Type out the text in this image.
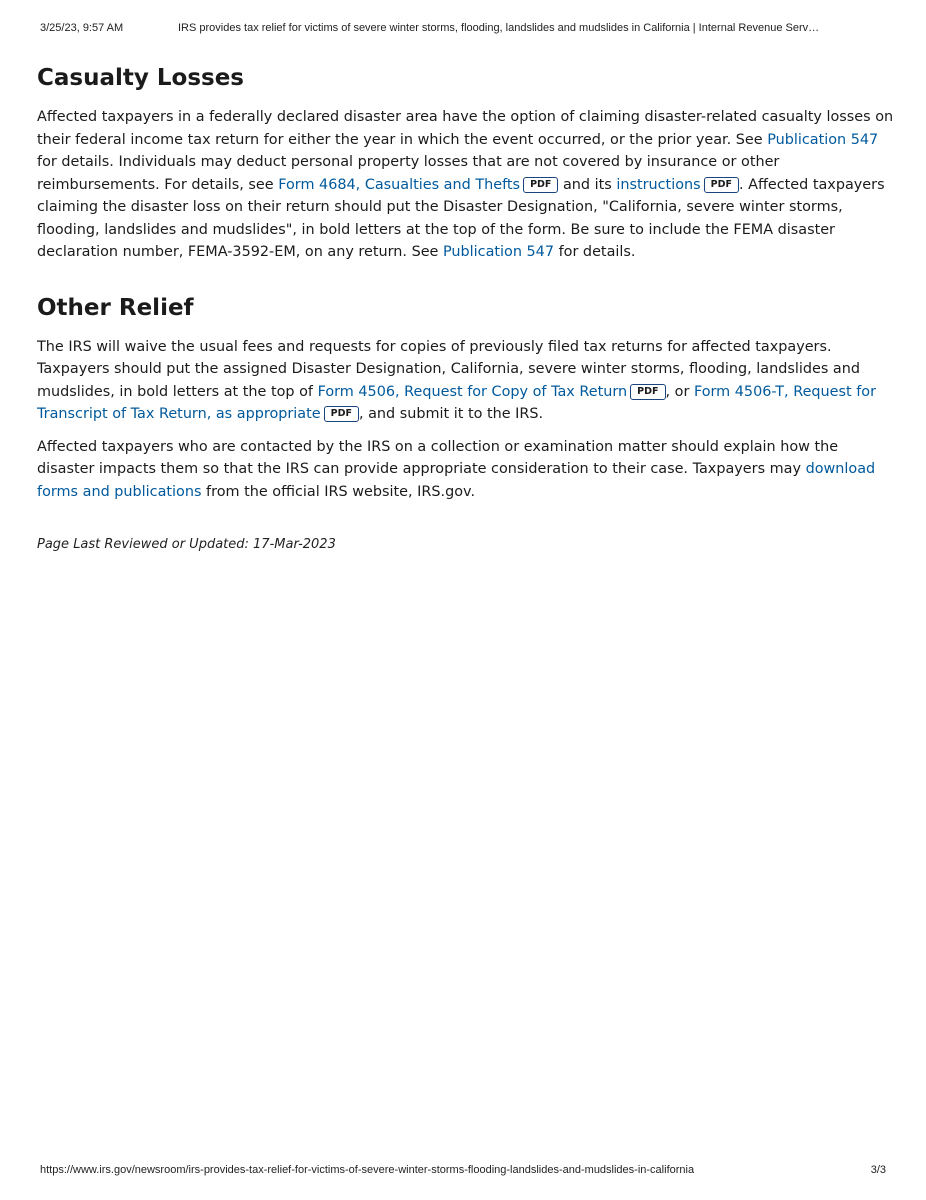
3/25/23, 9:57 AM	IRS provides tax relief for victims of severe winter storms, flooding, landslides and mudslides in California | Internal Revenue Serv…
Casualty Losses

Affected taxpayers in a federally declared disaster area have the option of claiming disaster-related casualty losses on their federal income tax return for either the year in which the event occurred, or the prior year. See Publication 547 for details. Individuals may deduct personal property losses that are not covered by insurance or other reimbursements. For details, see Form 4684, Casualties and Thefts PDF and its instructions PDF . Affected taxpayers claiming the disaster loss on their return should put the Disaster Designation, "California, severe winter storms, flooding, landslides and mudslides", in bold letters at the top of the form. Be sure to include the FEMA disaster declaration number, FEMA-3592-EM, on any return. See Publication 547 for details.

Other Relief

The IRS will waive the usual fees and requests for copies of previously filed tax returns for affected taxpayers. Taxpayers should put the assigned Disaster Designation, California, severe winter storms, flooding, landslides and mudslides, in bold letters at the top of Form 4506, Request for Copy of Tax Return PDF , or Form 4506-T, Request for Transcript of Tax Return, as appropriate PDF , and submit it to the IRS.

Affected taxpayers who are contacted by the IRS on a collection or examination matter should explain how the disaster impacts them so that the IRS can provide appropriate consideration to their case. Taxpayers may download forms and publications from the official IRS website, IRS.gov.

Page Last Reviewed or Updated: 17-Mar-2023
https://www.irs.gov/newsroom/irs-provides-tax-relief-for-victims-of-severe-winter-storms-flooding-landslides-and-mudslides-in-california	3/3
